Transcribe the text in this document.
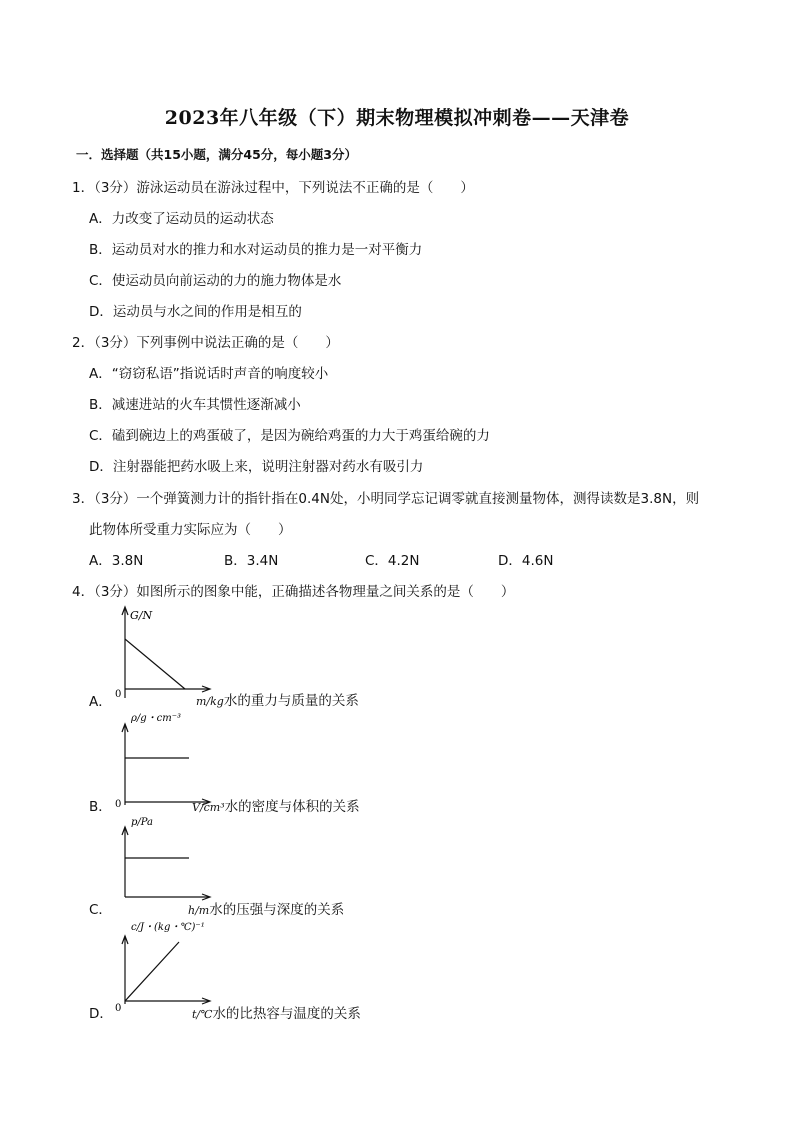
2023年八年级（下）期末物理模拟冲刺卷——天津卷
一．选择题（共15小题，满分45分，每小题3分）
1．（3分）游泳运动员在游泳过程中，下列说法不正确的是（　　）
A．力改变了运动员的运动状态
B．运动员对水的推力和水对运动员的推力是一对平衡力
C．使运动员向前运动的力的施力物体是水
D．运动员与水之间的作用是相互的
2．（3分）下列事例中说法正确的是（　　）
A．“窃窃私语”指说话时声音的响度较小
B．减速进站的火车其惯性逐渐减小
C．磕到碗边上的鸡蛋破了，是因为碗给鸡蛋的力大于鸡蛋给碗的力
D．注射器能把药水吸上来，说明注射器对药水有吸引力
3．（3分）一个弹簧测力计的指针指在0.4N处，小明同学忘记调零就直接测量物体，测得读数是3.8N，则
此物体所受重力实际应为（　　）
A．3.8N	B．3.4N	C．4.2N	D．4.6N
4．（3分）如图所示的图象中能，正确描述各物理量之间关系的是（　　）
A．
G/N
0
m/kg水的重力与质量的关系
B．
ρ/g・cm⁻³
0	V/cm³水的密度与体积的关系
C．
p/Pa
h/m水的压强与深度的关系
D．
c/J・(kg・℃)⁻¹
0	t/℃水的比热容与温度的关系
